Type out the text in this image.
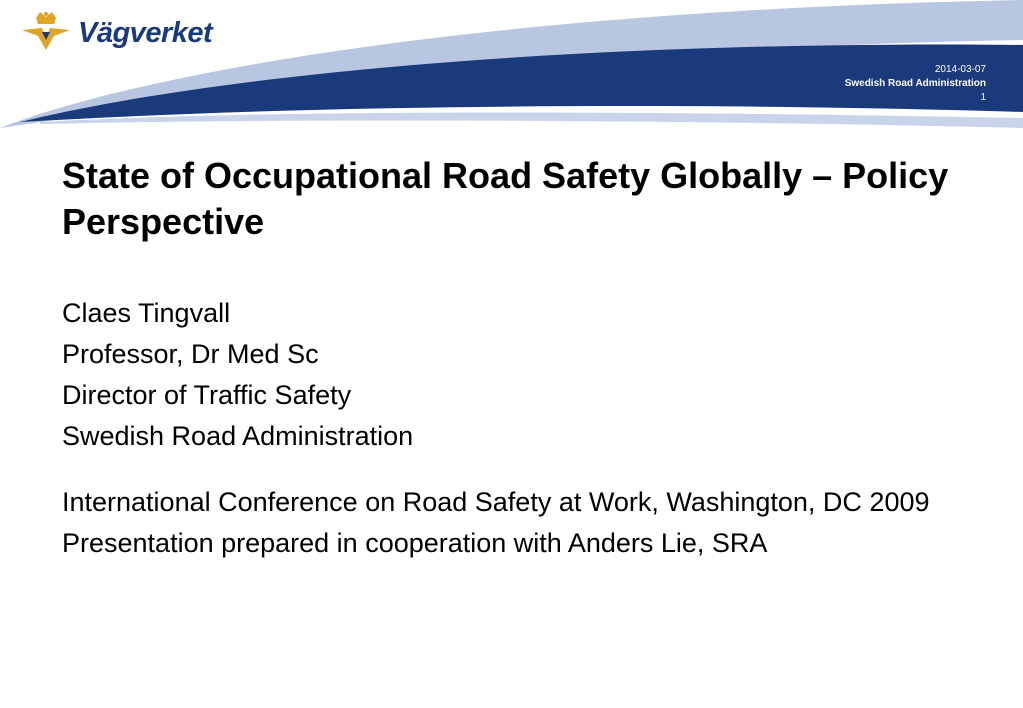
Vägverket
2014-03-07
Swedish Road Administration
1
State of Occupational Road Safety Globally – Policy Perspective

Claes Tingvall

Professor, Dr Med Sc

Director of Traffic Safety

Swedish Road Administration

International Conference on Road Safety at Work, Washington, DC 2009

Presentation prepared in cooperation with Anders Lie, SRA
